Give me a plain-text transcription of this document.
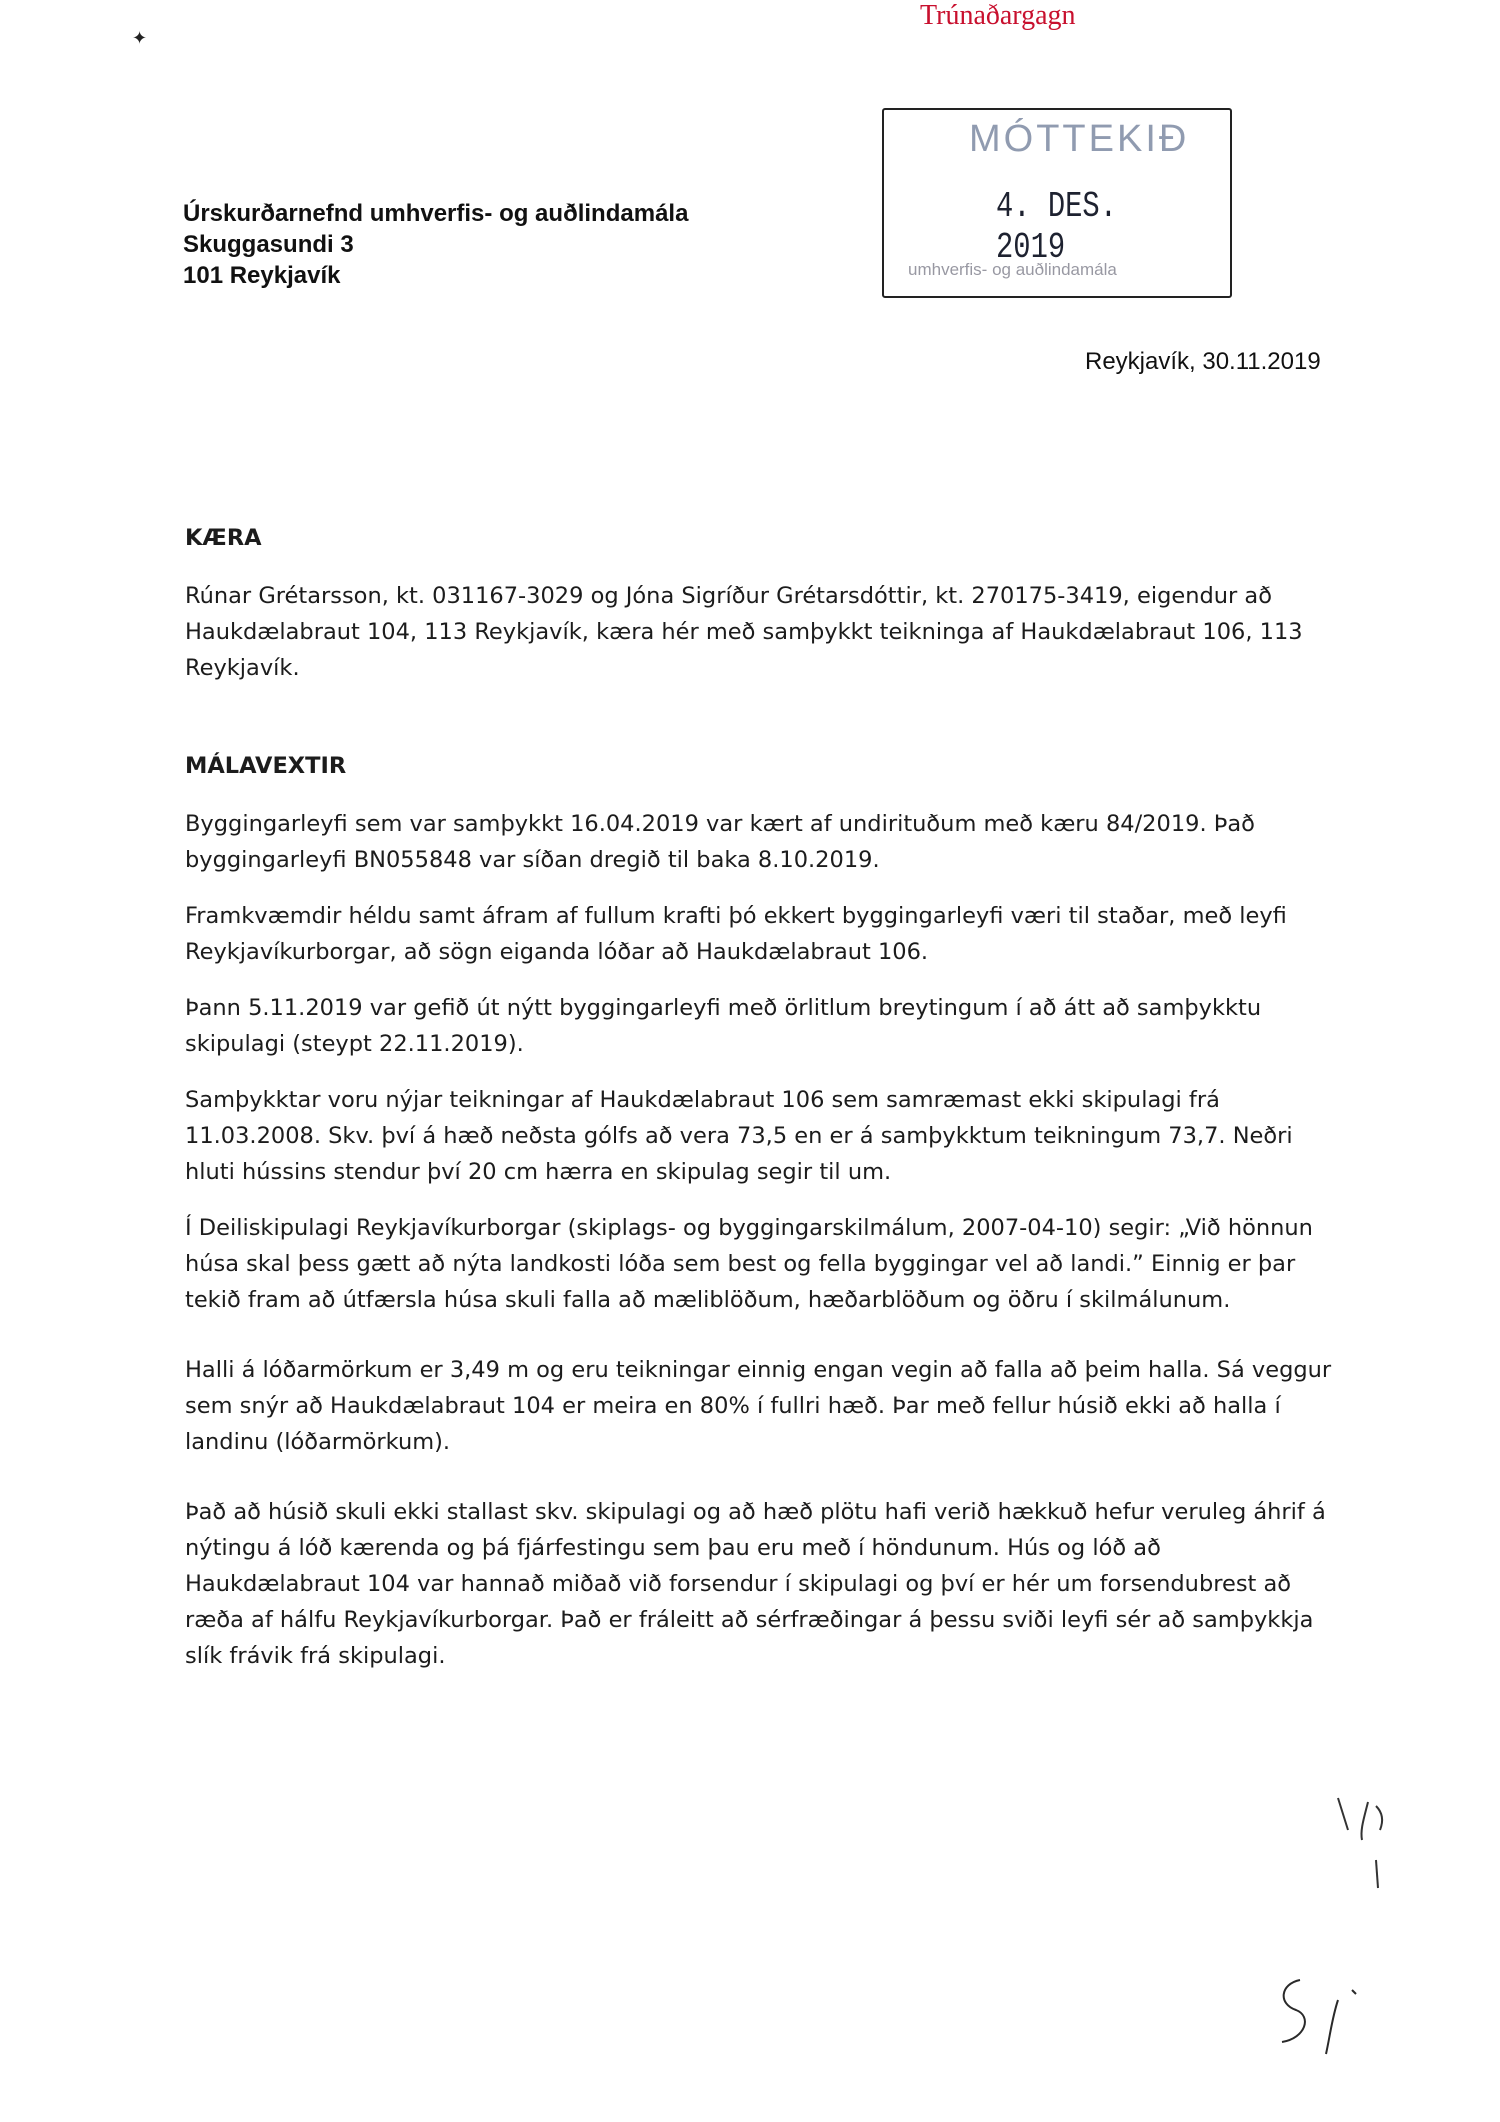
✦
Trúnaðargagn
Úrskurðarnefnd umhverfis- og auðlindamála
Skuggasundi 3
101 Reykjavík
MÓTTEKIÐ
4. DES. 2019
umhverfis- og auðlindamála
Reykjavík, 30.11.2019
KÆRA
Rúnar Grétarsson, kt. 031167-3029 og Jóna Sigríður Grétarsdóttir, kt. 270175-3419, eigendur að Haukdælabraut 104, 113 Reykjavík, kæra hér með samþykkt teikninga af Haukdælabraut 106, 113 Reykjavík.
MÁLAVEXTIR
Byggingarleyfi sem var samþykkt 16.04.2019 var kært af undirituðum með kæru 84/2019. Það byggingarleyfi BN055848 var síðan dregið til baka 8.10.2019.
Framkvæmdir héldu samt áfram af fullum krafti þó ekkert byggingarleyfi væri til staðar, með leyfi Reykjavíkurborgar, að sögn eiganda lóðar að Haukdælabraut 106.
Þann 5.11.2019 var gefið út nýtt byggingarleyfi með örlitlum breytingum í að átt að samþykktu skipulagi (steypt 22.11.2019).
Samþykktar voru nýjar teikningar af Haukdælabraut 106 sem samræmast ekki skipulagi frá 11.03.2008. Skv. því á hæð neðsta gólfs að vera 73,5 en er á samþykktum teikningum 73,7. Neðri hluti hússins stendur því 20 cm hærra en skipulag segir til um.
Í Deiliskipulagi Reykjavíkurborgar (skiplags- og byggingarskilmálum, 2007-04-10) segir: „Við hönnun húsa skal þess gætt að nýta landkosti lóða sem best og fella byggingar vel að landi.” Einnig er þar tekið fram að útfærsla húsa skuli falla að mæliblöðum, hæðarblöðum og öðru í skilmálunum.
Halli á lóðarmörkum er 3,49 m og eru teikningar einnig engan vegin að falla að þeim halla. Sá veggur sem snýr að Haukdælabraut 104 er meira en 80% í fullri hæð. Þar með fellur húsið ekki að halla í landinu (lóðarmörkum).
Það að húsið skuli ekki stallast skv. skipulagi og að hæð plötu hafi verið hækkuð hefur veruleg áhrif á nýtingu á lóð kærenda og þá fjárfestingu sem þau eru með í höndunum. Hús og lóð að Haukdælabraut 104 var hannað miðað við forsendur í skipulagi og því er hér um forsendubrest að ræða af hálfu Reykjavíkurborgar. Það er fráleitt að sérfræðingar á þessu sviði leyfi sér að samþykkja slík frávik frá skipulagi.
